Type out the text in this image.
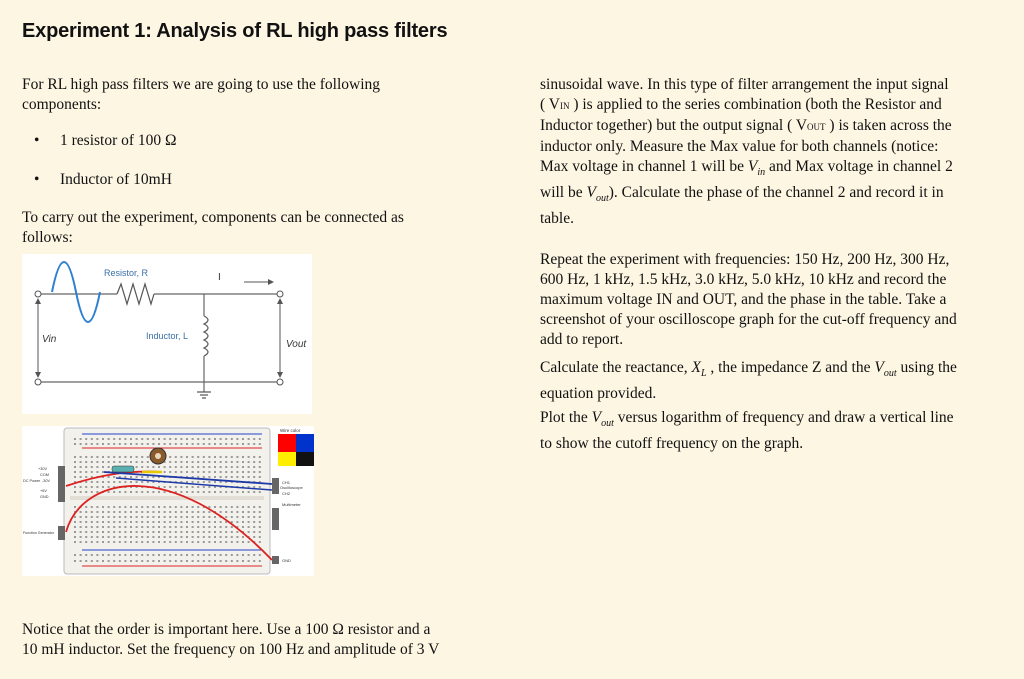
Experiment 1: Analysis of RL high pass filters

For RL high pass filters we are going to use the following

components:

• 1 resistor of 100 Ω
• Inductor of 10mH

To carry out the experiment, components can be connected as

follows:

Resistor, R	I
Inductor, L
Vin	Vout
Wire color
CH1
Oscilloscope
CH2
Multimeter
GND
+30V
COM
DC Power -30V
+6V
GND
Function Generator

Notice that the order is important here. Use a 100 Ω resistor and a

10 mH inductor. Set the frequency on 100 Hz and amplitude of 3 V

sinusoidal wave. In this type of filter arrangement the input signal

( VIN ) is applied to the series combination (both the Resistor and

Inductor together) but the output signal ( VOUT ) is taken across the

inductor only. Measure the Max value for both channels (notice:

Max voltage in channel 1 will be $V_{in}$ and Max voltage in channel 2

will be $V_{out}$). Calculate the phase of the channel 2 and record it in

table.

Repeat the experiment with frequencies: 150 Hz, 200 Hz, 300 Hz,

600 Hz, 1 kHz, 1.5 kHz, 3.0 kHz, 5.0 kHz, 10 kHz and record the

maximum voltage IN and OUT, and the phase in the table. Take a

screenshot of your oscilloscope graph for the cut-off frequency and

add to report.

Calculate the reactance, $X_L$ , the impedance Z and the $V_{out}$ using the

equation provided.

Plot the $V_{out}$ versus logarithm of frequency and draw a vertical line

to show the cutoff frequency on the graph.
